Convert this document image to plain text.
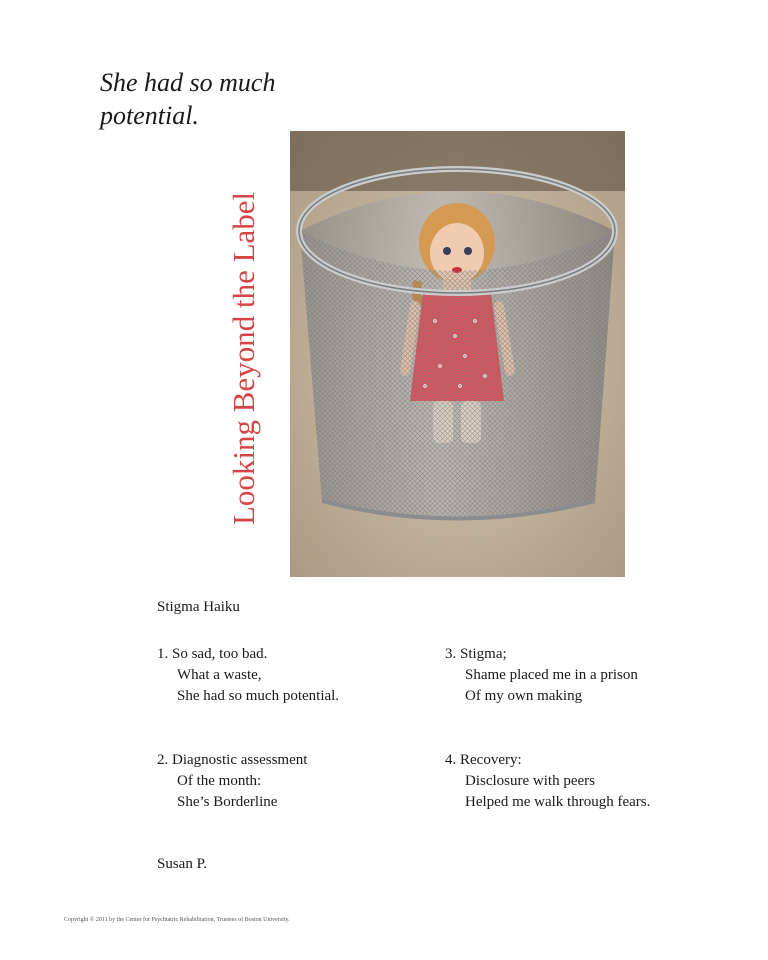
She had so much potential.
Looking Beyond the Label
Stigma Haiku
1. So sad, too bad.
What a waste,
She had so much potential.
2. Diagnostic assessment
Of the month:
She’s Borderline
3. Stigma;
Shame placed me in a prison
Of my own making
4. Recovery:
Disclosure with peers
Helped me walk through fears.
Susan P.
Copyright © 2011 by the Center for Psychiatric Rehabilitation, Trustees of Boston University.
